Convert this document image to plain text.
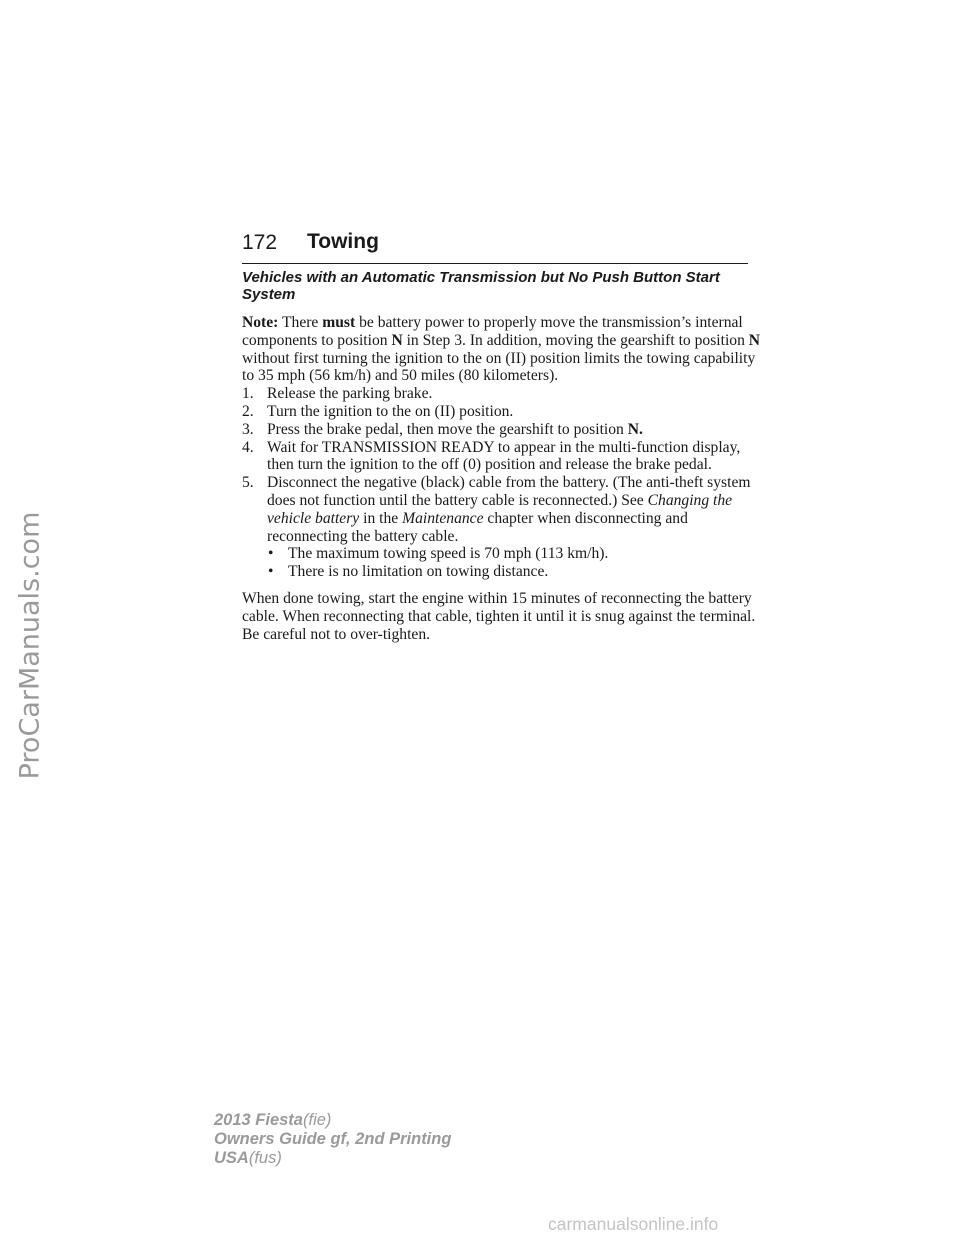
ProCarManuals.com
172 Towing

Vehicles with an Automatic Transmission but No Push Button Start System

Note: There must be battery power to properly move the transmission’s internal components to position N in Step 3. In addition, moving the gearshift to position N without first turning the ignition to the on (II) position limits the towing capability to 35 mph (56 km/h) and 50 miles (80 kilometers).

1. Release the parking brake.
2. Turn the ignition to the on (II) position.
3. Press the brake pedal, then move the gearshift to position N.
4. Wait for TRANSMISSION READY to appear in the multi-function display, then turn the ignition to the off (0) position and release the brake pedal.
5. Disconnect the negative (black) cable from the battery. (The anti-theft system does not function until the battery cable is reconnected.) See Changing the vehicle battery in the Maintenance chapter when disconnecting and reconnecting the battery cable.
• The maximum towing speed is 70 mph (113 km/h).
• There is no limitation on towing distance.

When done towing, start the engine within 15 minutes of reconnecting the battery cable. When reconnecting that cable, tighten it until it is snug against the terminal. Be careful not to over-tighten.

2013 Fiesta(fie)
Owners Guide gf, 2nd Printing
USA(fus)
carmanualsonline.info
